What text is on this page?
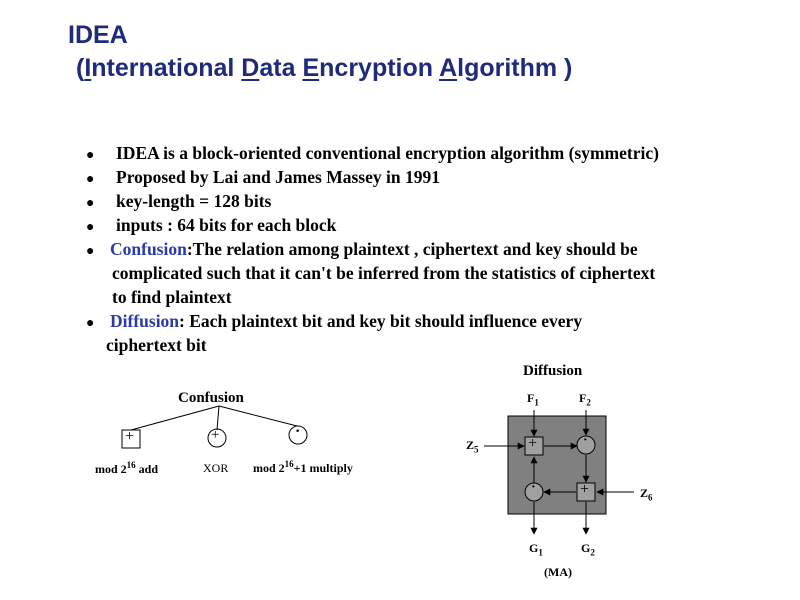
IDEA
(International Data Encryption Algorithm )
● IDEA is a block-oriented conventional encryption algorithm (symmetric)
● Proposed by Lai and James Massey in 1991
● key-length = 128 bits
● inputs : 64 bits for each block
● Confusion:The relation among plaintext , ciphertext and key should be
complicated such that it can't be inferred from the statistics of ciphertext
to find plaintext
● Diffusion: Each plaintext bit and key bit should influence every
ciphertext bit
Confusion
+	+	·
mod $2^{16}$ add	XOR mod $2^{16}+1$ multiply
Diffusion
$F_1$	$F_2$
$Z_5$
$Z_6$
$G_1$	$G_2$
(MA)
+	·
·	+
